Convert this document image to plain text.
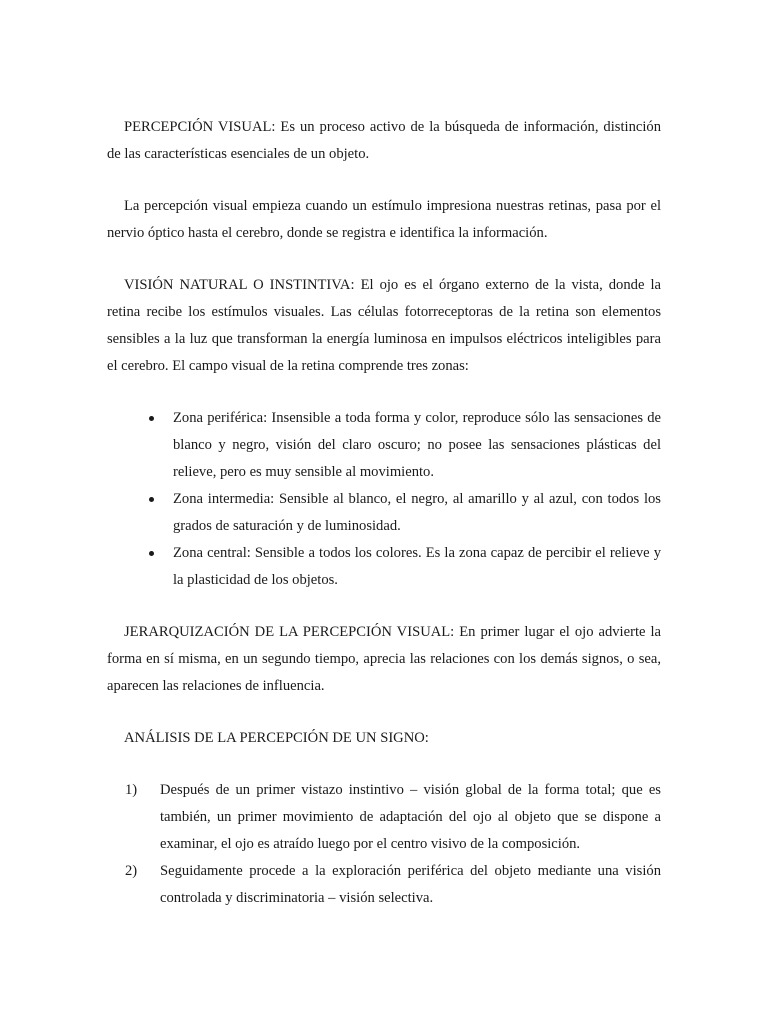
PERCEPCIÓN VISUAL: Es un proceso activo de la búsqueda de información, distinción de las características esenciales de un objeto.

La percepción visual empieza cuando un estímulo impresiona nuestras retinas, pasa por el nervio óptico hasta el cerebro, donde se registra e identifica la información.

VISIÓN NATURAL O INSTINTIVA: El ojo es el órgano externo de la vista, donde la retina recibe los estímulos visuales. Las células fotorreceptoras de la retina son elementos sensibles a la luz que transforman la energía luminosa en impulsos eléctricos inteligibles para el cerebro. El campo visual de la retina comprende tres zonas:

Zona periférica: Insensible a toda forma y color, reproduce sólo las sensaciones de blanco y negro, visión del claro oscuro; no posee las sensaciones plásticas del relieve, pero es muy sensible al movimiento.
Zona intermedia: Sensible al blanco, el negro, al amarillo y al azul, con todos los grados de saturación y de luminosidad.
Zona central: Sensible a todos los colores. Es la zona capaz de percibir el relieve y la plasticidad de los objetos.

JERARQUIZACIÓN DE LA PERCEPCIÓN VISUAL: En primer lugar el ojo advierte la forma en sí misma, en un segundo tiempo, aprecia las relaciones con los demás signos, o sea, aparecen las relaciones de influencia.

ANÁLISIS DE LA PERCEPCIÓN DE UN SIGNO:

1) Después de un primer vistazo instintivo – visión global de la forma total; que es también, un primer movimiento de adaptación del ojo al objeto que se dispone a examinar, el ojo es atraído luego por el centro visivo de la composición.
2) Seguidamente procede a la exploración periférica del objeto mediante una visión controlada y discriminatoria – visión selectiva.
